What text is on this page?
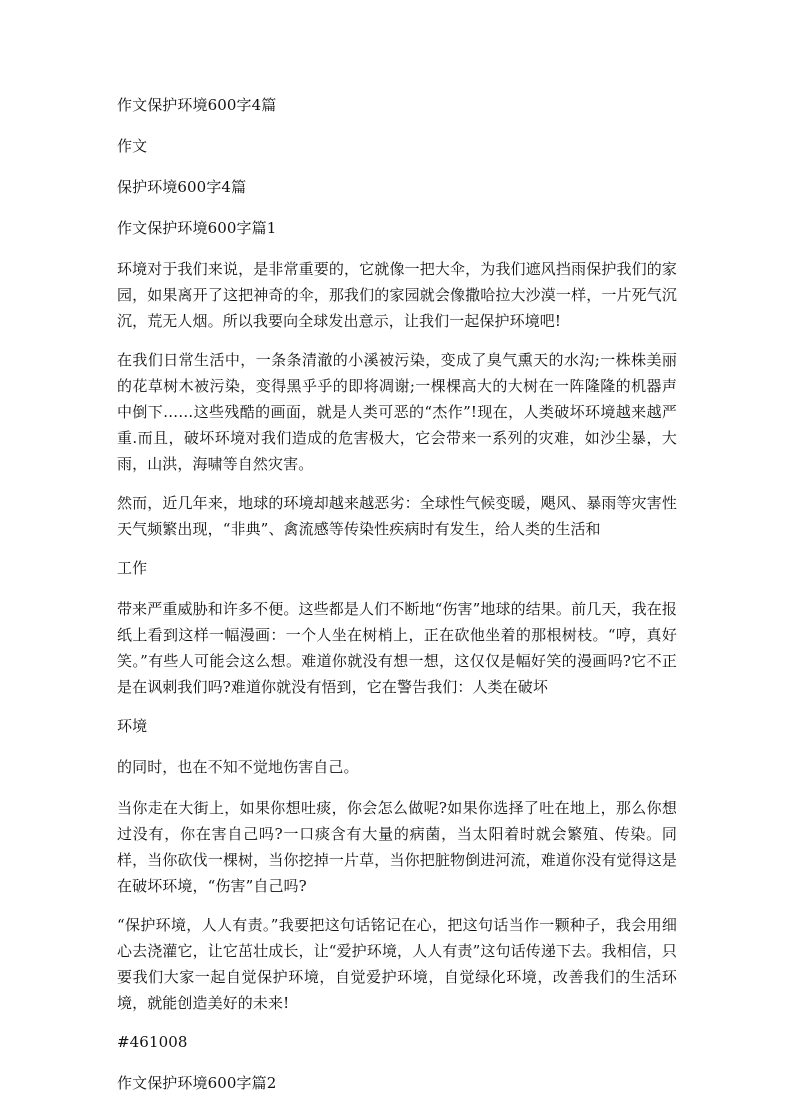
作文保护环境600字4篇

作文

保护环境600字4篇

作文保护环境600字篇1

环境对于我们来说，是非常重要的，它就像一把大伞，为我们遮风挡雨保护我们的家园，如果离开了这把神奇的伞，那我们的家园就会像撒哈拉大沙漠一样，一片死气沉沉，荒无人烟。所以我要向全球发出意示，让我们一起保护环境吧!

在我们日常生活中，一条条清澈的小溪被污染，变成了臭气熏天的水沟;一株株美丽的花草树木被污染，变得黑乎乎的即将凋谢;一棵棵高大的大树在一阵隆隆的机器声中倒下……这些残酷的画面，就是人类可恶的“杰作”!现在，人类破坏环境越来越严重.而且，破坏环境对我们造成的危害极大，它会带来一系列的灾难，如沙尘暴，大雨，山洪，海啸等自然灾害。

然而，近几年来，地球的环境却越来越恶劣：全球性气候变暖，飓风、暴雨等灾害性天气频繁出现，“非典”、禽流感等传染性疾病时有发生，给人类的生活和

工作

带来严重威胁和许多不便。这些都是人们不断地“伤害”地球的结果。前几天，我在报纸上看到这样一幅漫画：一个人坐在树梢上，正在砍他坐着的那根树枝。“哼，真好笑。”有些人可能会这么想。难道你就没有想一想，这仅仅是幅好笑的漫画吗?它不正是在讽刺我们吗?难道你就没有悟到，它在警告我们：人类在破坏

环境

的同时，也在不知不觉地伤害自己。

当你走在大街上，如果你想吐痰，你会怎么做呢?如果你选择了吐在地上，那么你想过没有，你在害自己吗?一口痰含有大量的病菌，当太阳着时就会繁殖、传染。同样，当你砍伐一棵树，当你挖掉一片草，当你把脏物倒进河流，难道你没有觉得这是在破坏环境，“伤害”自己吗?

“保护环境，人人有责。”我要把这句话铭记在心，把这句话当作一颗种子，我会用细心去浇灌它，让它茁壮成长，让“爱护环境，人人有责”这句话传递下去。我相信，只要我们大家一起自觉保护环境，自觉爱护环境，自觉绿化环境，改善我们的生活环境，就能创造美好的未来!

#461008

作文保护环境600字篇2
